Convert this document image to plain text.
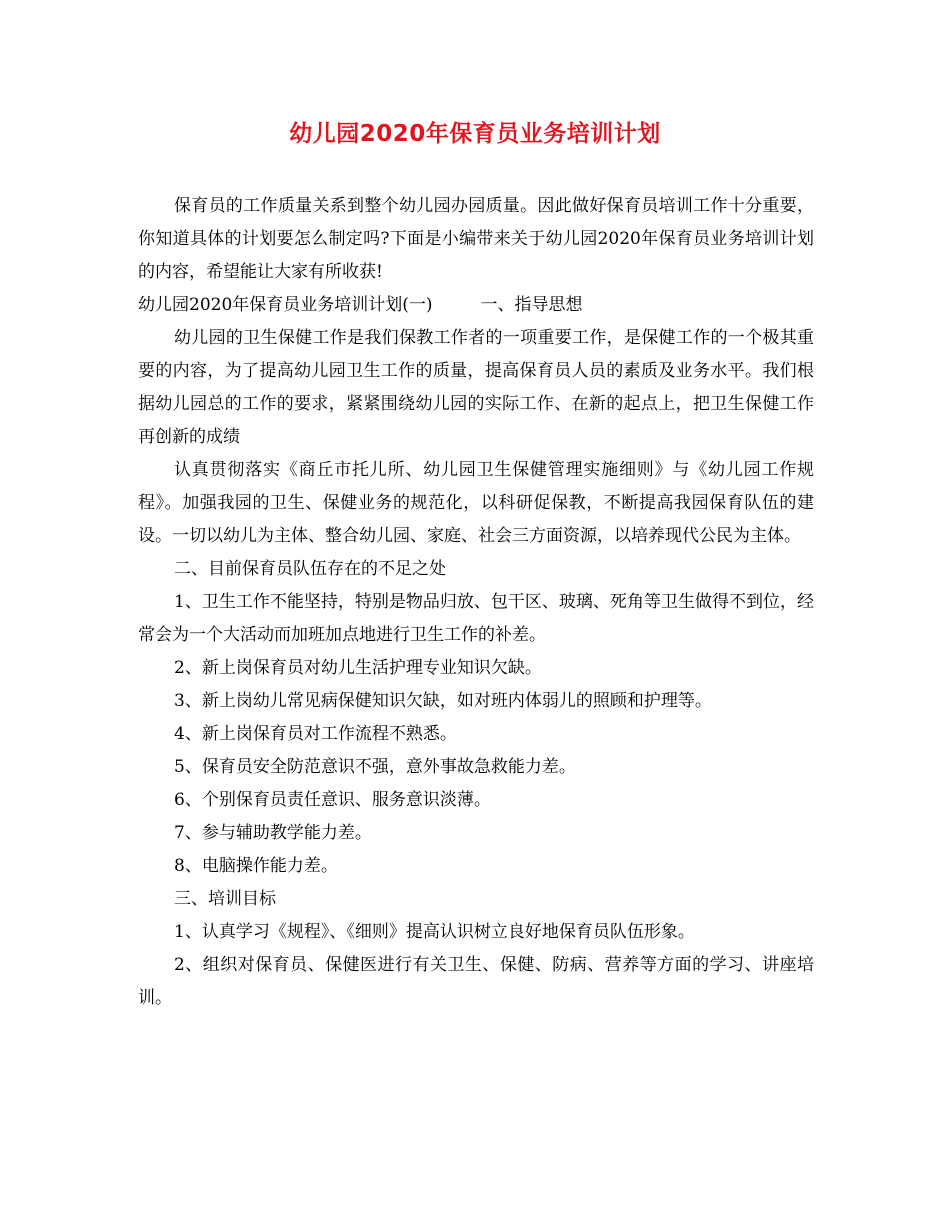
幼儿园2020年保育员业务培训计划

保育员的工作质量关系到整个幼儿园办园质量。因此做好保育员培训工作十分重要，你知道具体的计划要怎么制定吗?下面是小编带来关于幼儿园2020年保育员业务培训计划的内容，希望能让大家有所收获!

幼儿园2020年保育员业务培训计划(一)	一、指导思想

幼儿园的卫生保健工作是我们保教工作者的一项重要工作，是保健工作的一个极其重要的内容，为了提高幼儿园卫生工作的质量，提高保育员人员的素质及业务水平。我们根据幼儿园总的工作的要求，紧紧围绕幼儿园的实际工作、在新的起点上，把卫生保健工作再创新的成绩

认真贯彻落实《商丘市托儿所、幼儿园卫生保健管理实施细则》与《幼儿园工作规程》。加强我园的卫生、保健业务的规范化，以科研促保教，不断提高我园保育队伍的建设。一切以幼儿为主体、整合幼儿园、家庭、社会三方面资源，以培养现代公民为主体。

二、目前保育员队伍存在的不足之处

1、卫生工作不能坚持，特别是物品归放、包干区、玻璃、死角等卫生做得不到位，经常会为一个大活动而加班加点地进行卫生工作的补差。

2、新上岗保育员对幼儿生活护理专业知识欠缺。

3、新上岗幼儿常见病保健知识欠缺，如对班内体弱儿的照顾和护理等。

4、新上岗保育员对工作流程不熟悉。

5、保育员安全防范意识不强，意外事故急救能力差。

6、个别保育员责任意识、服务意识淡薄。

7、参与辅助教学能力差。

8、电脑操作能力差。

三、培训目标

1、认真学习《规程》、《细则》提高认识树立良好地保育员队伍形象。

2、组织对保育员、保健医进行有关卫生、保健、防病、营养等方面的学习、讲座培训。
